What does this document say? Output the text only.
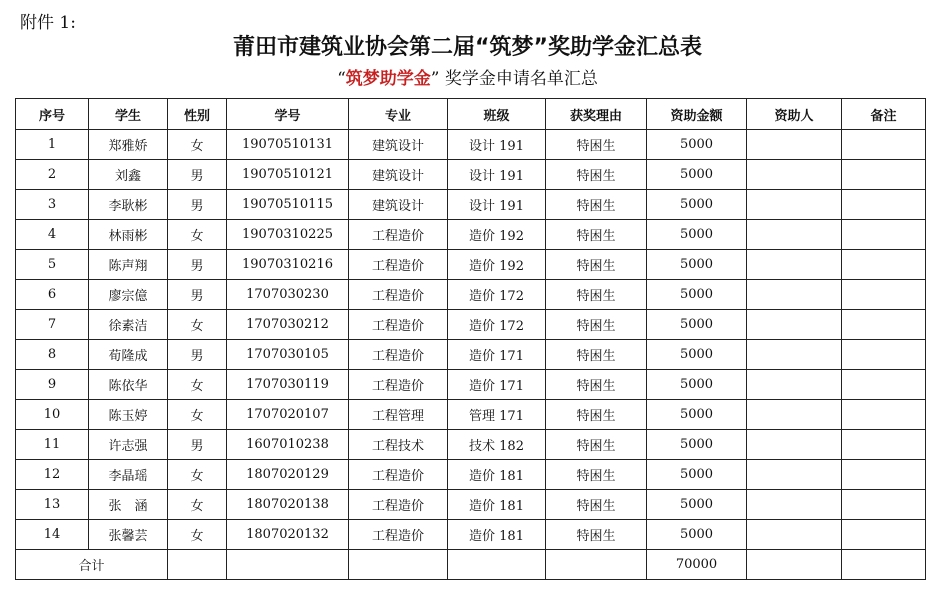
附件 1:
莆田市建筑业协会第二届“筑梦”奖助学金汇总表
“筑梦助学金” 奖学金申请名单汇总
序号	学生	性别	学号	专业	班级	获奖理由	资助金额	资助人	备注
1	郑雅娇	女	19070510131	建筑设计	设计 191	特困生	5000		
2	刘鑫	男	19070510121	建筑设计	设计 191	特困生	5000		
3	李耿彬	男	19070510115	建筑设计	设计 191	特困生	5000		
4	林雨彬	女	19070310225	工程造价	造价 192	特困生	5000		
5	陈声翔	男	19070310216	工程造价	造价 192	特困生	5000		
6	廖宗億	男	1707030230	工程造价	造价 172	特困生	5000		
7	徐素洁	女	1707030212	工程造价	造价 172	特困生	5000		
8	荀隆成	男	1707030105	工程造价	造价 171	特困生	5000		
9	陈依华	女	1707030119	工程造价	造价 171	特困生	5000		
10	陈玉婷	女	1707020107	工程管理	管理 171	特困生	5000		
11	许志强	男	1607010238	工程技术	技术 182	特困生	5000		
12	李晶瑶	女	1807020129	工程造价	造价 181	特困生	5000		
13	张　涵	女	1807020138	工程造价	造价 181	特困生	5000		
14	张馨芸	女	1807020132	工程造价	造价 181	特困生	5000		
合计							70000		
